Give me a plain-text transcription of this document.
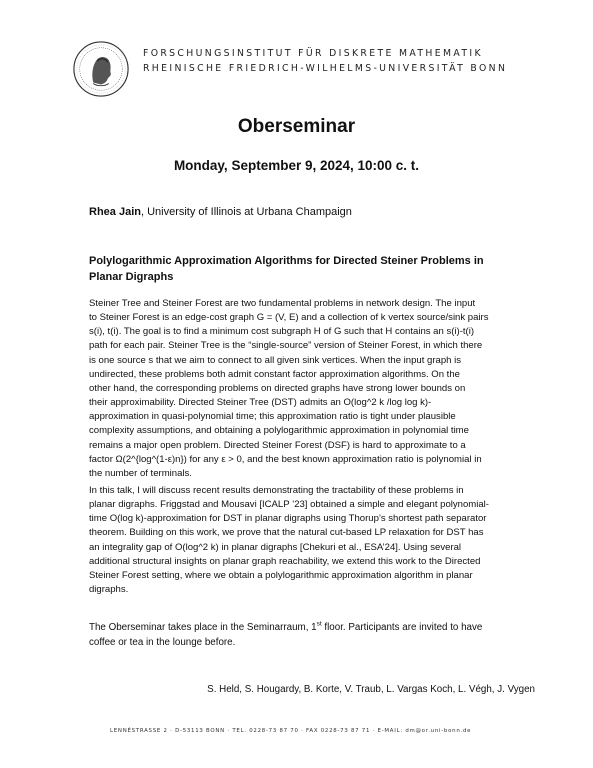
FORSCHUNGSINSTITUT FÜR DISKRETE MATHEMATIK
RHEINISCHE FRIEDRICH-WILHELMS-UNIVERSITÄT BONN
Oberseminar
Monday, September 9, 2024, 10:00 c. t.
Rhea Jain, University of Illinois at Urbana Champaign
Polylogarithmic Approximation Algorithms for Directed Steiner Problems in
Planar Digraphs
Steiner Tree and Steiner Forest are two fundamental problems in network design. The input
to Steiner Forest is an edge-cost graph G = (V, E) and a collection of k vertex source/sink pairs
s(i), t(i). The goal is to find a minimum cost subgraph H of G such that H contains an s(i)-t(i)
path for each pair. Steiner Tree is the “single-source” version of Steiner Forest, in which there
is one source s that we aim to connect to all given sink vertices. When the input graph is
undirected, these problems both admit constant factor approximation algorithms. On the
other hand, the corresponding problems on directed graphs have strong lower bounds on
their approximability. Directed Steiner Tree (DST) admits an O(log^2 k /log log k)-
approximation in quasi-polynomial time; this approximation ratio is tight under plausible
complexity assumptions, and obtaining a polylogarithmic approximation in polynomial time
remains a major open problem. Directed Steiner Forest (DSF) is hard to approximate to a
factor Ω(2^{log^(1-ε)n}) for any ε > 0, and the best known approximation ratio is polynomial in
the number of terminals.
In this talk, I will discuss recent results demonstrating the tractability of these problems in
planar digraphs. Friggstad and Mousavi [ICALP ’23] obtained a simple and elegant polynomial-
time O(log k)-approximation for DST in planar digraphs using Thorup’s shortest path separator
theorem. Building on this work, we prove that the natural cut-based LP relaxation for DST has
an integrality gap of O(log^2 k) in planar digraphs [Chekuri et al., ESA’24]. Using several
additional structural insights on planar graph reachability, we extend this work to the Directed
Steiner Forest setting, where we obtain a polylogarithmic approximation algorithm in planar
digraphs.
The Oberseminar takes place in the Seminarraum, 1st floor. Participants are invited to have
coffee or tea in the lounge before.
S. Held, S. Hougardy, B. Korte, V. Traub, L. Vargas Koch, L. Végh, J. Vygen
LENNÉSTRASSE 2 · D-53113 BONN · TEL. 0228-73 87 70 · FAX 0228-73 87 71 · E-MAIL: dm@or.uni-bonn.de
